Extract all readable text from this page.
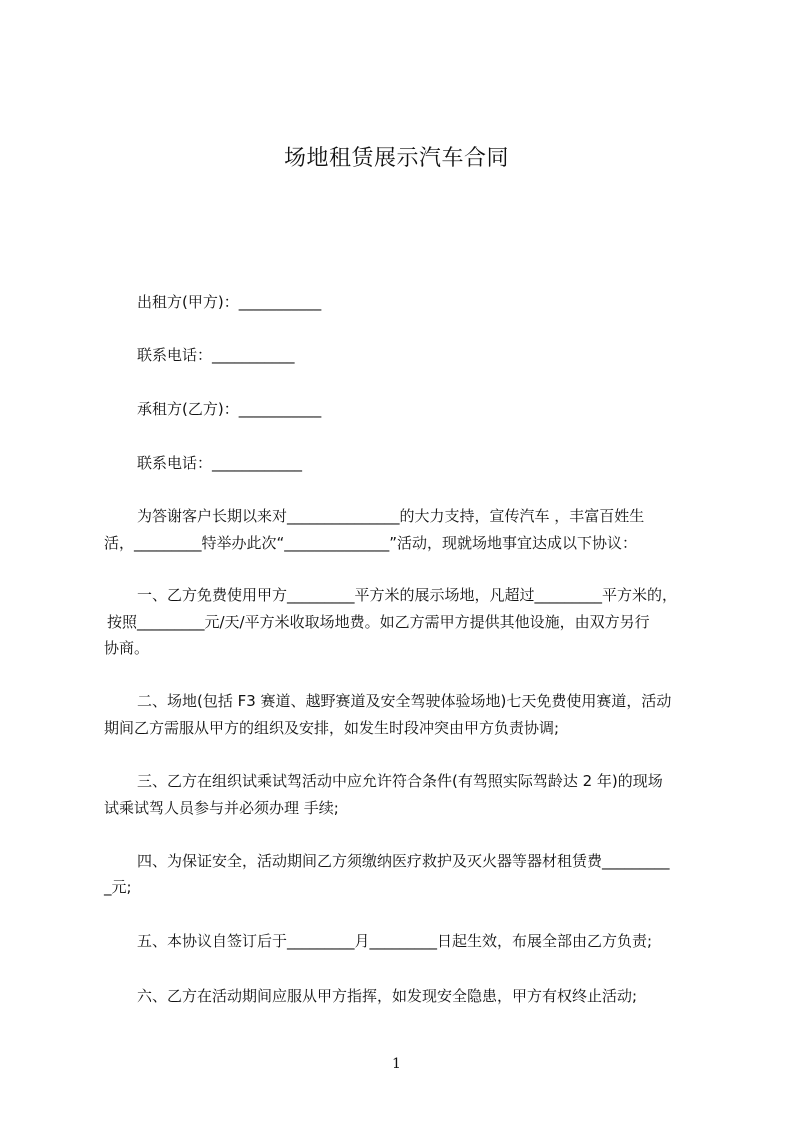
场地租赁展示汽车合同
出租方(甲方)：___________
联系电话：___________
承租方(乙方)：___________
联系电话：____________
为答谢客户长期以来对_______________的大力支持，宣传汽车 ，丰富百姓生
活，_________特举办此次“______________”活动，现就场地事宜达成以下协议：
一、乙方免费使用甲方_________平方米的展示场地，凡超过_________平方米的，
按照_________元/天/平方米收取场地费。如乙方需甲方提供其他设施，由双方另行
协商。
二、场地(包括 F3 赛道、越野赛道及安全驾驶体验场地)七天免费使用赛道，活动
期间乙方需服从甲方的组织及安排，如发生时段冲突由甲方负责协调;
三、乙方在组织试乘试驾活动中应允许符合条件(有驾照实际驾龄达 2 年)的现场
试乘试驾人员参与并必须办理 手续;
四、为保证安全，活动期间乙方须缴纳医疗救护及灭火器等器材租赁费_________
_元;
五、本协议自签订后于_________月_________日起生效，布展全部由乙方负责;
六、乙方在活动期间应服从甲方指挥，如发现安全隐患，甲方有权终止活动;
1
